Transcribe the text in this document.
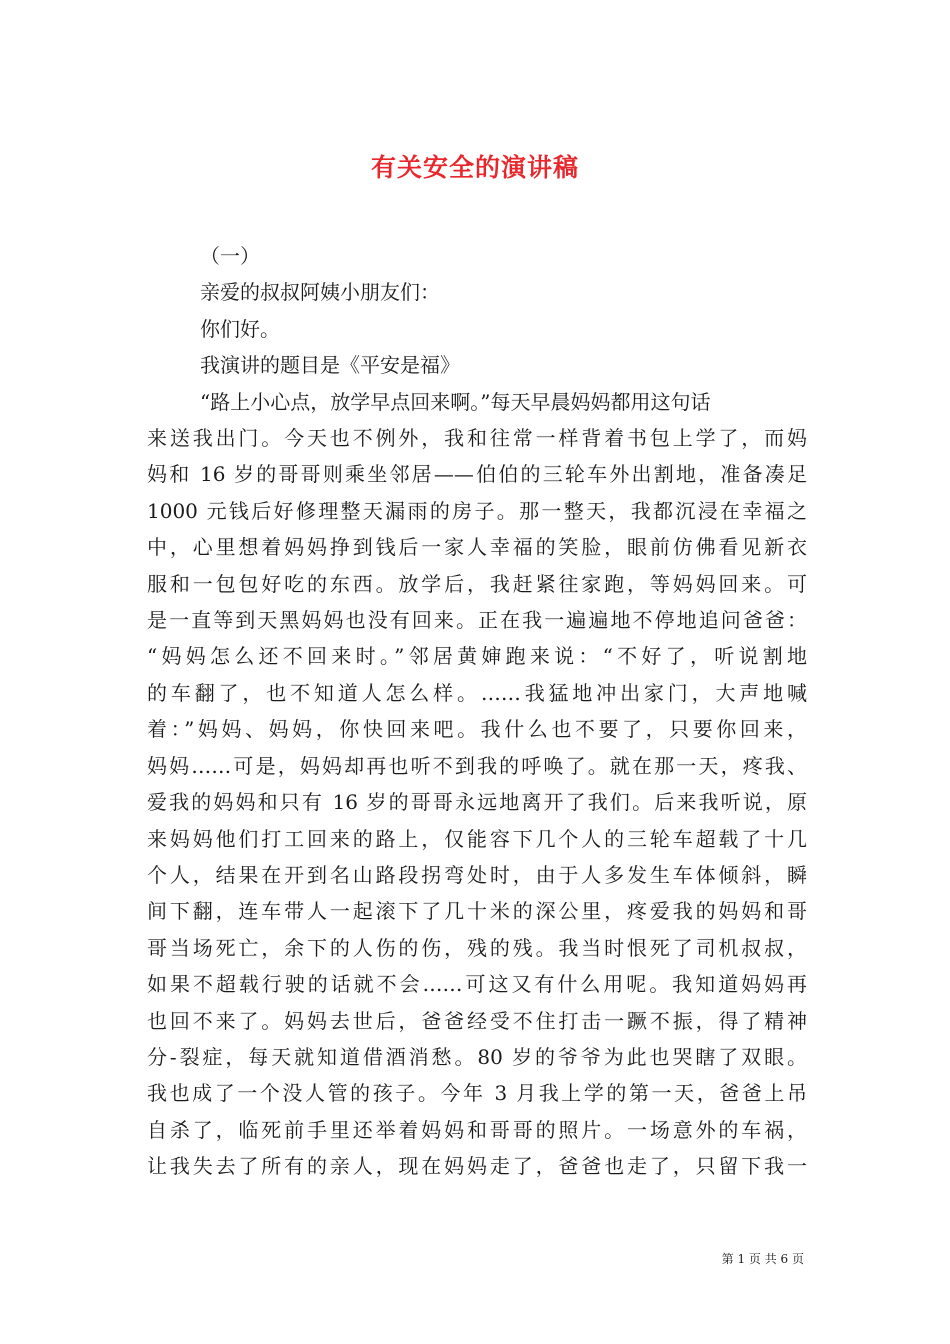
有关安全的演讲稿

（一）

亲爱的叔叔阿姨小朋友们：

你们好。

我演讲的题目是《平安是福》

“路上小心点，放学早点回来啊。”每天早晨妈妈都用这句话

来送我出门。今天也不例外，我和往常一样背着书包上学了，而妈

妈和 16 岁的哥哥则乘坐邻居——伯伯的三轮车外出割地，准备凑足

1000 元钱后好修理整天漏雨的房子。那一整天，我都沉浸在幸福之

中，心里想着妈妈挣到钱后一家人幸福的笑脸，眼前仿佛看见新衣

服和一包包好吃的东西。放学后，我赶紧往家跑，等妈妈回来。可

是一直等到天黑妈妈也没有回来。正在我一遍遍地不停地追问爸爸：

“妈妈怎么还不回来时。”邻居黄婶跑来说：“不好了，听说割地

的车翻了，也不知道人怎么样。……我猛地冲出家门，大声地喊

着：”妈妈、妈妈，你快回来吧。我什么也不要了，只要你回来，

妈妈……可是，妈妈却再也听不到我的呼唤了。就在那一天，疼我、

爱我的妈妈和只有 16 岁的哥哥永远地离开了我们。后来我听说，原

来妈妈他们打工回来的路上，仅能容下几个人的三轮车超载了十几

个人，结果在开到名山路段拐弯处时，由于人多发生车体倾斜，瞬

间下翻，连车带人一起滚下了几十米的深公里，疼爱我的妈妈和哥

哥当场死亡，余下的人伤的伤，残的残。我当时恨死了司机叔叔，

如果不超载行驶的话就不会……可这又有什么用呢。我知道妈妈再

也回不来了。妈妈去世后，爸爸经受不住打击一蹶不振，得了精神

分-裂症，每天就知道借酒消愁。80 岁的爷爷为此也哭瞎了双眼。

我也成了一个没人管的孩子。今年 3 月我上学的第一天，爸爸上吊

自杀了，临死前手里还举着妈妈和哥哥的照片。一场意外的车祸，

让我失去了所有的亲人，现在妈妈走了，爸爸也走了，只留下我一

第 1 页 共 6 页
